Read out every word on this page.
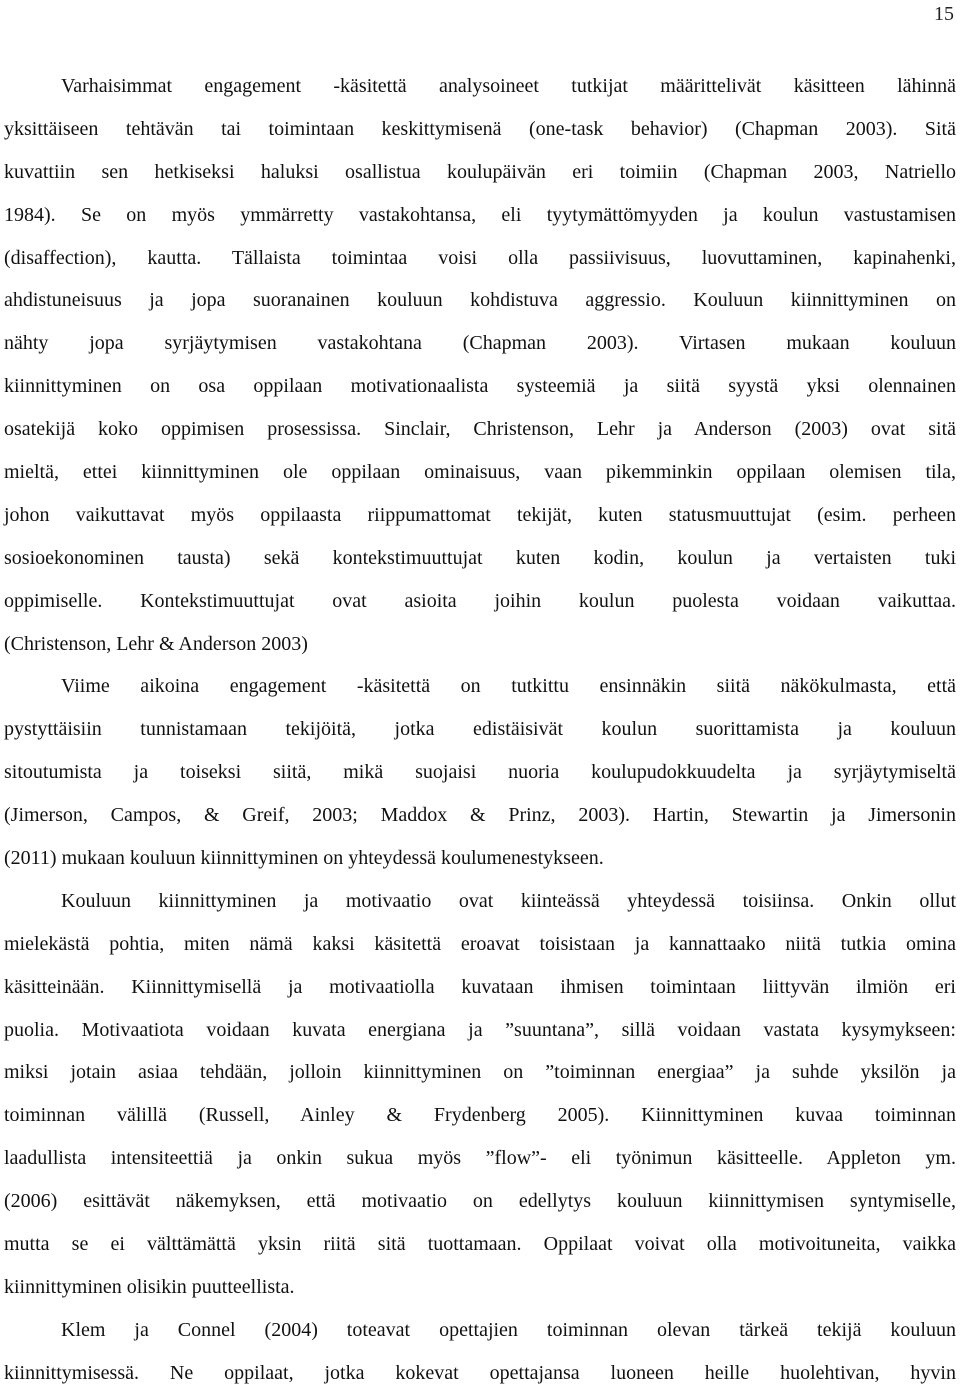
15
Varhaisimmat engagement -käsitettä analysoineet tutkijat määrittelivät käsitteen lähinnä
yksittäiseen tehtävän tai toimintaan keskittymisenä (one-task behavior) (Chapman 2003). Sitä
kuvattiin sen hetkiseksi haluksi osallistua koulupäivän eri toimiin (Chapman 2003, Natriello
1984). Se on myös ymmärretty vastakohtansa, eli tyytymättömyyden ja koulun vastustamisen
(disaffection), kautta. Tällaista toimintaa voisi olla passiivisuus, luovuttaminen, kapinahenki,
ahdistuneisuus ja jopa suoranainen kouluun kohdistuva aggressio. Kouluun kiinnittyminen on
nähty jopa syrjäytymisen vastakohtana (Chapman 2003). Virtasen mukaan kouluun
kiinnittyminen on osa oppilaan motivationaalista systeemiä ja siitä syystä yksi olennainen
osatekijä koko oppimisen prosessissa. Sinclair, Christenson, Lehr ja Anderson (2003) ovat sitä
mieltä, ettei kiinnittyminen ole oppilaan ominaisuus, vaan pikemminkin oppilaan olemisen tila,
johon vaikuttavat myös oppilaasta riippumattomat tekijät, kuten statusmuuttujat (esim. perheen
sosioekonominen tausta) sekä kontekstimuuttujat kuten kodin, koulun ja vertaisten tuki
oppimiselle. Kontekstimuuttujat ovat asioita joihin koulun puolesta voidaan vaikuttaa.
(Christenson, Lehr & Anderson 2003)
Viime aikoina engagement -käsitettä on tutkittu ensinnäkin siitä näkökulmasta, että
pystyttäisiin tunnistamaan tekijöitä, jotka edistäisivät koulun suorittamista ja kouluun
sitoutumista ja toiseksi siitä, mikä suojaisi nuoria koulupudokkuudelta ja syrjäytymiseltä
(Jimerson, Campos, & Greif, 2003; Maddox & Prinz, 2003). Hartin, Stewartin ja Jimersonin
(2011) mukaan kouluun kiinnittyminen on yhteydessä koulumenestykseen.
Kouluun kiinnittyminen ja motivaatio ovat kiinteässä yhteydessä toisiinsa. Onkin ollut
mielekästä pohtia, miten nämä kaksi käsitettä eroavat toisistaan ja kannattaako niitä tutkia omina
käsitteinään. Kiinnittymisellä ja motivaatiolla kuvataan ihmisen toimintaan liittyvän ilmiön eri
puolia. Motivaatiota voidaan kuvata energiana ja ”suuntana”, sillä voidaan vastata kysymykseen:
miksi jotain asiaa tehdään, jolloin kiinnittyminen on ”toiminnan energiaa” ja suhde yksilön ja
toiminnan välillä (Russell, Ainley & Frydenberg 2005). Kiinnittyminen kuvaa toiminnan
laadullista intensiteettiä ja onkin sukua myös ”flow”- eli työnimun käsitteelle. Appleton ym.
(2006) esittävät näkemyksen, että motivaatio on edellytys kouluun kiinnittymisen syntymiselle,
mutta se ei välttämättä yksin riitä sitä tuottamaan. Oppilaat voivat olla motivoituneita, vaikka
kiinnittyminen olisikin puutteellista.
Klem ja Connel (2004) toteavat opettajien toiminnan olevan tärkeä tekijä kouluun
kiinnittymisessä. Ne oppilaat, jotka kokevat opettajansa luoneen heille huolehtivan, hyvin
